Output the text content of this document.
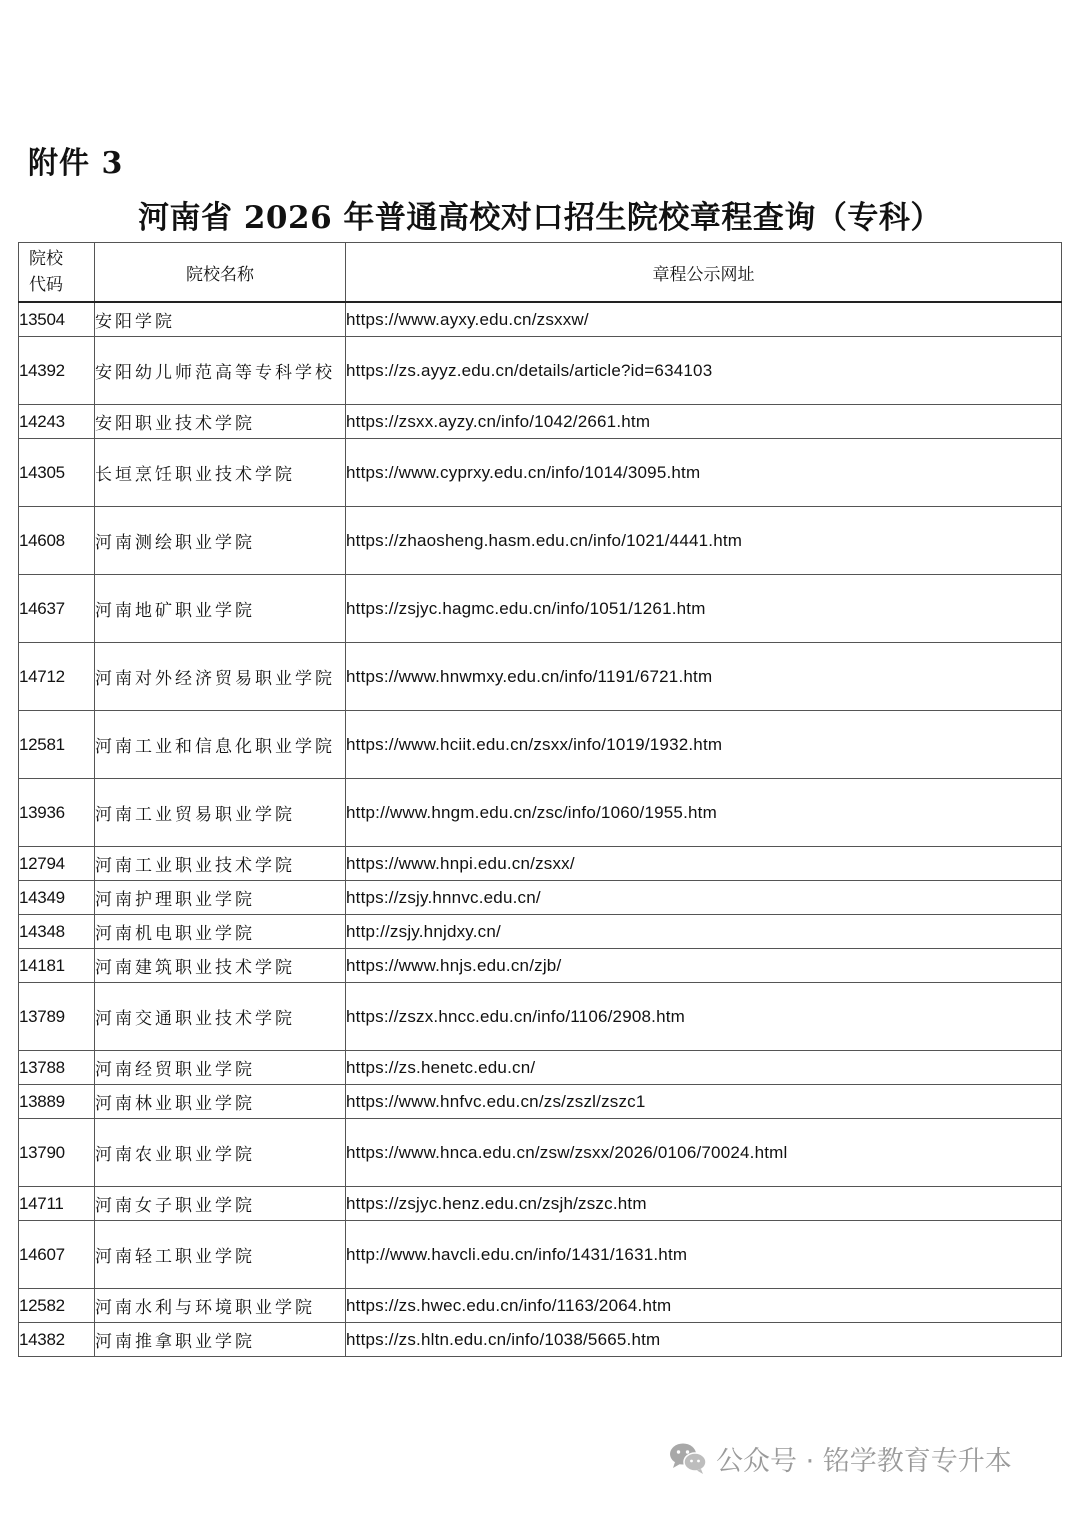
附件 3
河南省 2026 年普通高校对口招生院校章程查询（专科）
院校
代码	院校名称	章程公示网址
13504	安阳学院	https://www.ayxy.edu.cn/zsxxw/
14392	安阳幼儿师范高等专科学校	https://zs.ayyz.edu.cn/details/article?id=634103
14243	安阳职业技术学院	https://zsxx.ayzy.cn/info/1042/2661.htm
14305	长垣烹饪职业技术学院	https://www.cyprxy.edu.cn/info/1014/3095.htm
14608	河南测绘职业学院	https://zhaosheng.hasm.edu.cn/info/1021/4441.htm
14637	河南地矿职业学院	https://zsjyc.hagmc.edu.cn/info/1051/1261.htm
14712	河南对外经济贸易职业学院	https://www.hnwmxy.edu.cn/info/1191/6721.htm
12581	河南工业和信息化职业学院	https://www.hciit.edu.cn/zsxx/info/1019/1932.htm
13936	河南工业贸易职业学院	http://www.hngm.edu.cn/zsc/info/1060/1955.htm
12794	河南工业职业技术学院	https://www.hnpi.edu.cn/zsxx/
14349	河南护理职业学院	https://zsjy.hnnvc.edu.cn/
14348	河南机电职业学院	http://zsjy.hnjdxy.cn/
14181	河南建筑职业技术学院	https://www.hnjs.edu.cn/zjb/
13789	河南交通职业技术学院	https://zszx.hncc.edu.cn/info/1106/2908.htm
13788	河南经贸职业学院	https://zs.henetc.edu.cn/
13889	河南林业职业学院	https://www.hnfvc.edu.cn/zs/zszl/zszc1
13790	河南农业职业学院	https://www.hnca.edu.cn/zsw/zsxx/2026/0106/70024.html
14711	河南女子职业学院	https://zsjyc.henz.edu.cn/zsjh/zszc.htm
14607	河南轻工职业学院	http://www.havcli.edu.cn/info/1431/1631.htm
12582	河南水利与环境职业学院	https://zs.hwec.edu.cn/info/1163/2064.htm
14382	河南推拿职业学院	https://zs.hltn.edu.cn/info/1038/5665.htm
公众号 · 铭学教育专升本
